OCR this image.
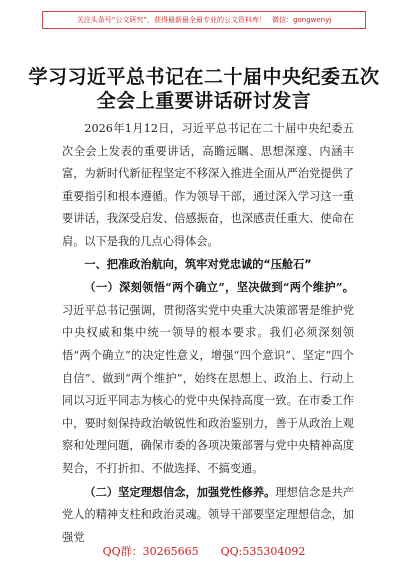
关注头条号“公文研究”，获得最新最全最专业的公文资料库！ 微信：gongwenyj
学习习近平总书记在二十届中央纪委五次
全会上重要讲话研讨发言

2026年1月12日，习近平总书记在二十届中央纪委五次全会上发表的重要讲话，高瞻远瞩、思想深邃、内涵丰富，为新时代新征程坚定不移深入推进全面从严治党提供了重要指引和根本遵循。作为领导干部，通过深入学习这一重要讲话，我深受启发、倍感振奋，也深感责任重大、使命在肩。以下是我的几点心得体会。

一、把准政治航向，筑牢对党忠诚的“压舱石”

（一）深刻领悟“两个确立”，坚决做到“两个维护”。习近平总书记强调，贯彻落实党中央重大决策部署是维护党中央权威和集中统一领导的根本要求。我们必须深刻领悟“两个确立”的决定性意义，增强“四个意识”、坚定“四个自信”、做到“两个维护”，始终在思想上、政治上、行动上同以习近平同志为核心的党中央保持高度一致。在市委工作中，要时刻保持政治敏锐性和政治鉴别力，善于从政治上观察和处理问题，确保市委的各项决策部署与党中央精神高度契合，不打折扣、不做选择、不搞变通。

（二）坚定理想信念，加强党性修养。理想信念是共产党人的精神支柱和政治灵魂。领导干部要坚定理想信念，加强党

QQ群：30265665 QQ:535304092
